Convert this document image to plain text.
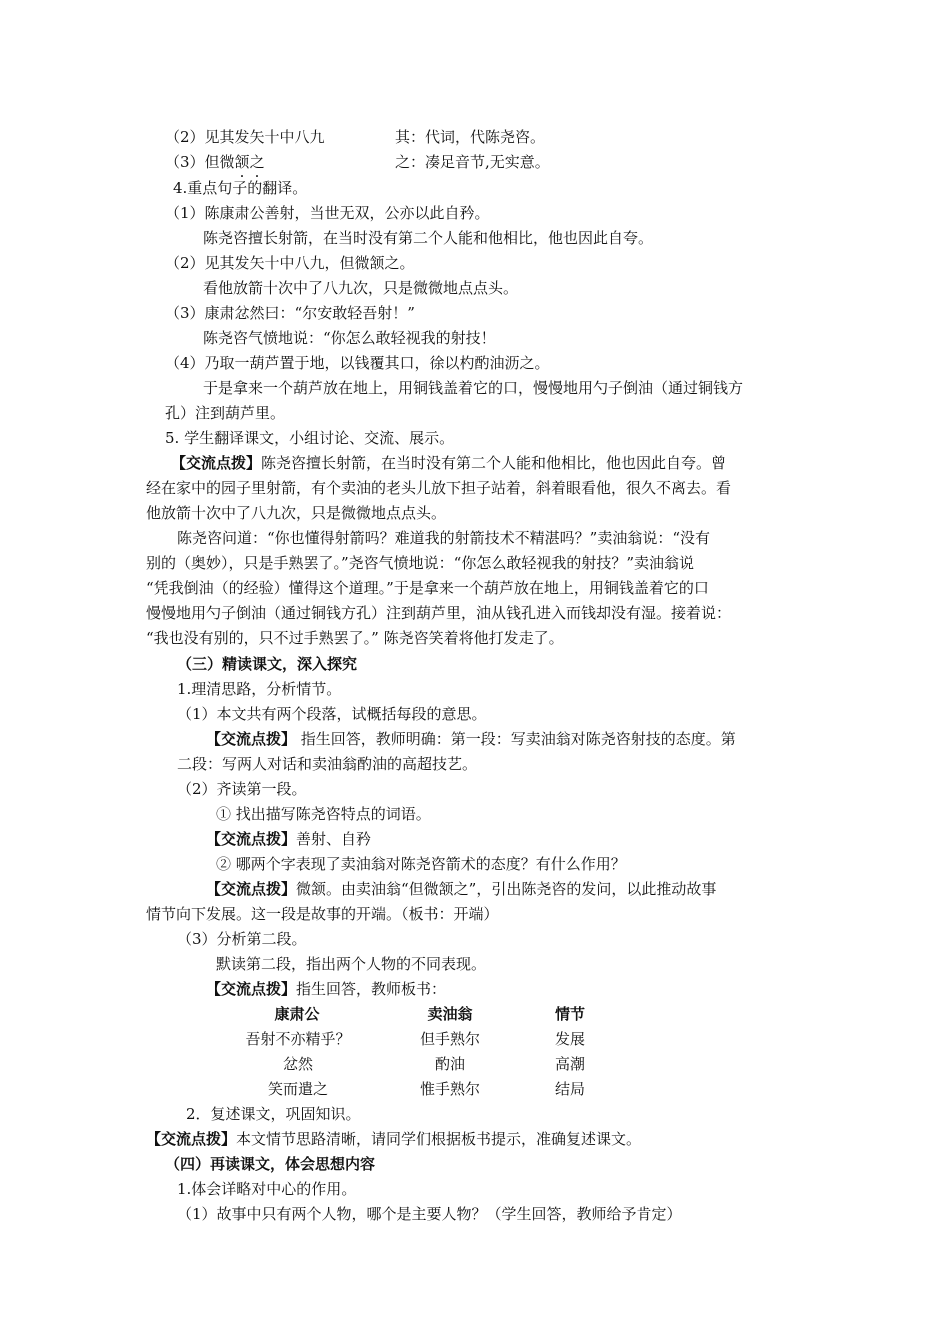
（2）见其发矢十中八九	其：代词，代陈尧咨。
（3）但微颔之	之：凑足音节,无实意。
4.重点句子的翻译。
（1）陈康肃公善射，当世无双，公亦以此自矜。
陈尧咨擅长射箭，在当时没有第二个人能和他相比，他也因此自夸。
（2）见其发矢十中八九，但微颔之。
看他放箭十次中了八九次，只是微微地点点头。
（3）康肃忿然曰：“尔安敢轻吾射！”
陈尧咨气愤地说：“你怎么敢轻视我的射技！
（4）乃取一葫芦置于地，以钱覆其口，徐以杓酌油沥之。
于是拿来一个葫芦放在地上，用铜钱盖着它的口，慢慢地用勺子倒油（通过铜钱方
孔）注到葫芦里。
5. 学生翻译课文，小组讨论、交流、展示。
【交流点拨】陈尧咨擅长射箭，在当时没有第二个人能和他相比，他也因此自夸。曾
经在家中的园子里射箭，有个卖油的老头儿放下担子站着，斜着眼看他，很久不离去。看
他放箭十次中了八九次，只是微微地点点头。
陈尧咨问道：“你也懂得射箭吗？难道我的射箭技术不精湛吗？”卖油翁说：“没有
别的（奥妙），只是手熟罢了。”尧咨气愤地说：“你怎么敢轻视我的射技？”卖油翁说
“凭我倒油（的经验）懂得这个道理。”于是拿来一个葫芦放在地上，用铜钱盖着它的口
慢慢地用勺子倒油（通过铜钱方孔）注到葫芦里，油从钱孔进入而钱却没有湿。接着说：
“我也没有别的，只不过手熟罢了。” 陈尧咨笑着将他打发走了。
（三）精读课文，深入探究
1.理清思路，分析情节。
（1）本文共有两个段落，试概括每段的意思。
【交流点拨】 指生回答，教师明确：第一段：写卖油翁对陈尧咨射技的态度。第
二段：写两人对话和卖油翁酌油的高超技艺。
（2）齐读第一段。
① 找出描写陈尧咨特点的词语。
【交流点拨】善射、自矜
② 哪两个字表现了卖油翁对陈尧咨箭术的态度？有什么作用？
【交流点拨】微颔。由卖油翁“但微颔之”，引出陈尧咨的发问，以此推动故事
情节向下发展。这一段是故事的开端。（板书：开端）
（3）分析第二段。
默读第二段，指出两个人物的不同表现。
【交流点拨】指生回答，教师板书：
康肃公	卖油翁	情节
吾射不亦精乎？	但手熟尔	发展
忿然	酌油	高潮
笑而遣之	惟手熟尔	结局
2．复述课文，巩固知识。
【交流点拨】本文情节思路清晰，请同学们根据板书提示，准确复述课文。
（四）再读课文，体会思想内容
1.体会详略对中心的作用。
（1）故事中只有两个人物，哪个是主要人物？（学生回答，教师给予肯定）
